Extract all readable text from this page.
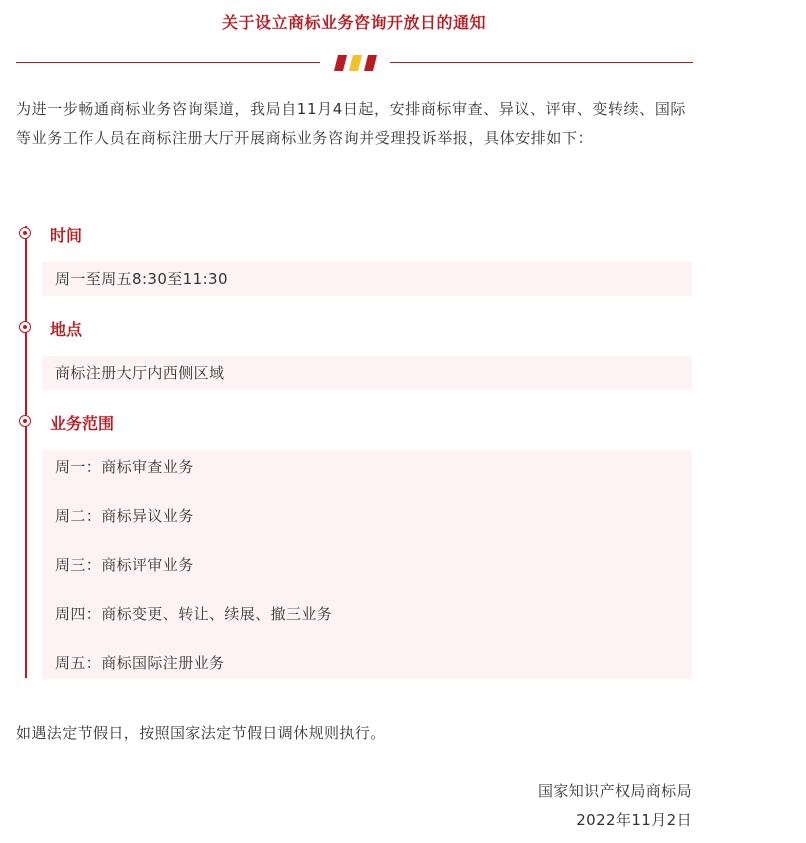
关于设立商标业务咨询开放日的通知

为进一步畅通商标业务咨询渠道，我局自11月4日起，安排商标审查、异议、评审、变转续、国际等业务工作人员在商标注册大厅开展商标业务咨询并受理投诉举报，具体安排如下：

时间
周一至周五8:30至11:30
地点
商标注册大厅内西侧区域
业务范围
周一：商标审查业务
周二：商标异议业务
周三：商标评审业务
周四：商标变更、转让、续展、撤三业务
周五：商标国际注册业务
如遇法定节假日，按照国家法定节假日调休规则执行。
国家知识产权局商标局
2022年11月2日
